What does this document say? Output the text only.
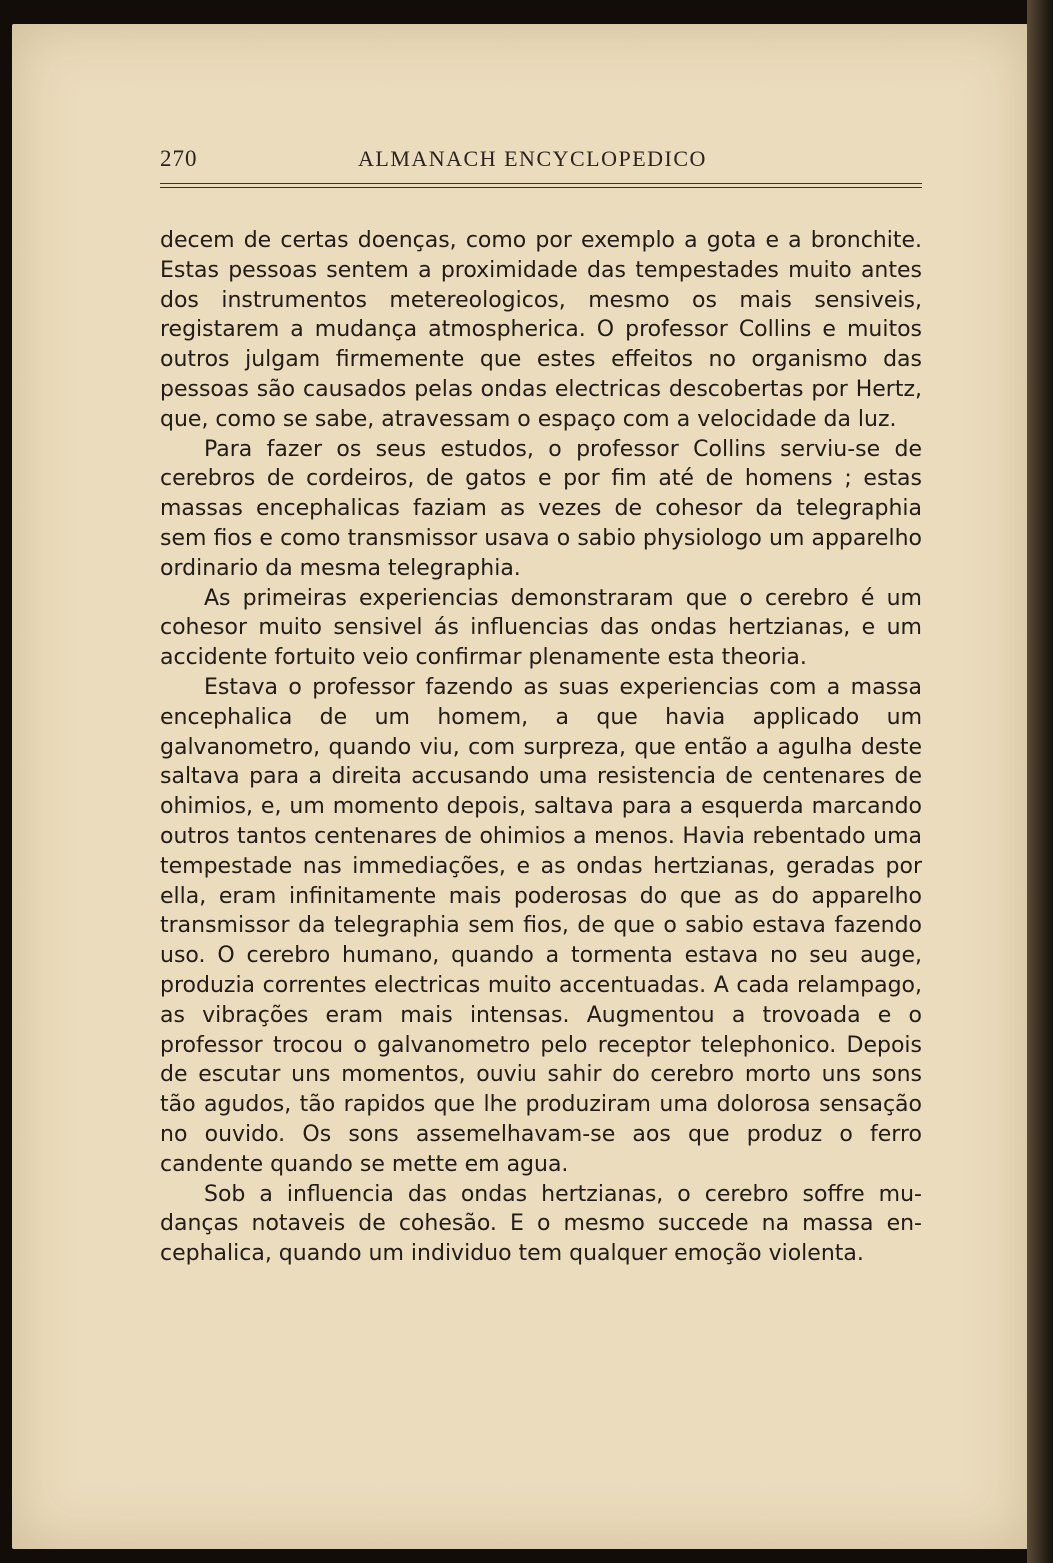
270	ALMANACH ENCYCLOPEDICO

decem de certas doenças, como por exemplo a gota e a bronchite. Estas pessoas sentem a proximidade das tempestades muito antes dos instrumentos metereologicos, mesmo os mais sensiveis, registarem a mudança atmospherica. O professor Collins e muitos outros julgam firmemente que estes effeitos no organismo das pessoas são causados pelas ondas electricas descobertas por Hertz, que, como se sabe, atravessam o espaço com a velocidade da luz.

Para fazer os seus estudos, o professor Collins serviu-se de cerebros de cordeiros, de gatos e por fim até de homens ; estas massas encephalicas faziam as vezes de cohesor da telegraphia sem fios e como transmissor usava o sabio physiologo um apparelho ordinario da mesma telegraphia.

As primeiras experiencias demonstraram que o cerebro é um cohesor muito sensivel ás influencias das ondas hertzianas, e um accidente fortuito veio confirmar plenamente esta theoria.

Estava o professor fazendo as suas experiencias com a massa encephalica de um homem, a que havia applicado um galvanometro, quando viu, com surpreza, que então a agulha deste saltava para a direita accusando uma resistencia de centenares de ohimios, e, um momento depois, saltava para a esquerda marcando outros tantos centenares de ohimios a menos. Havia rebentado uma tempestade nas immediações, e as ondas hertzianas, geradas por ella, eram infinitamente mais poderosas do que as do apparelho transmissor da telegraphia sem fios, de que o sabio estava fazendo uso. O cerebro humano, quando a tormenta estava no seu auge, produzia correntes electricas muito accentuadas. A cada relampago, as vibrações eram mais intensas. Augmentou a trovoada e o professor trocou o galvanometro pelo receptor telephonico. Depois de escutar uns momentos, ouviu sahir do cerebro morto uns sons tão agudos, tão rapidos que lhe produziram uma dolorosa sensação no ouvido. Os sons assemelhavam-se aos que produz o ferro candente quando se mette em agua.

Sob a influencia das ondas hertzianas, o cerebro soffre mudanças notaveis de cohesão. E o mesmo succede na massa encephalica, quando um individuo tem qualquer emoção violenta.
